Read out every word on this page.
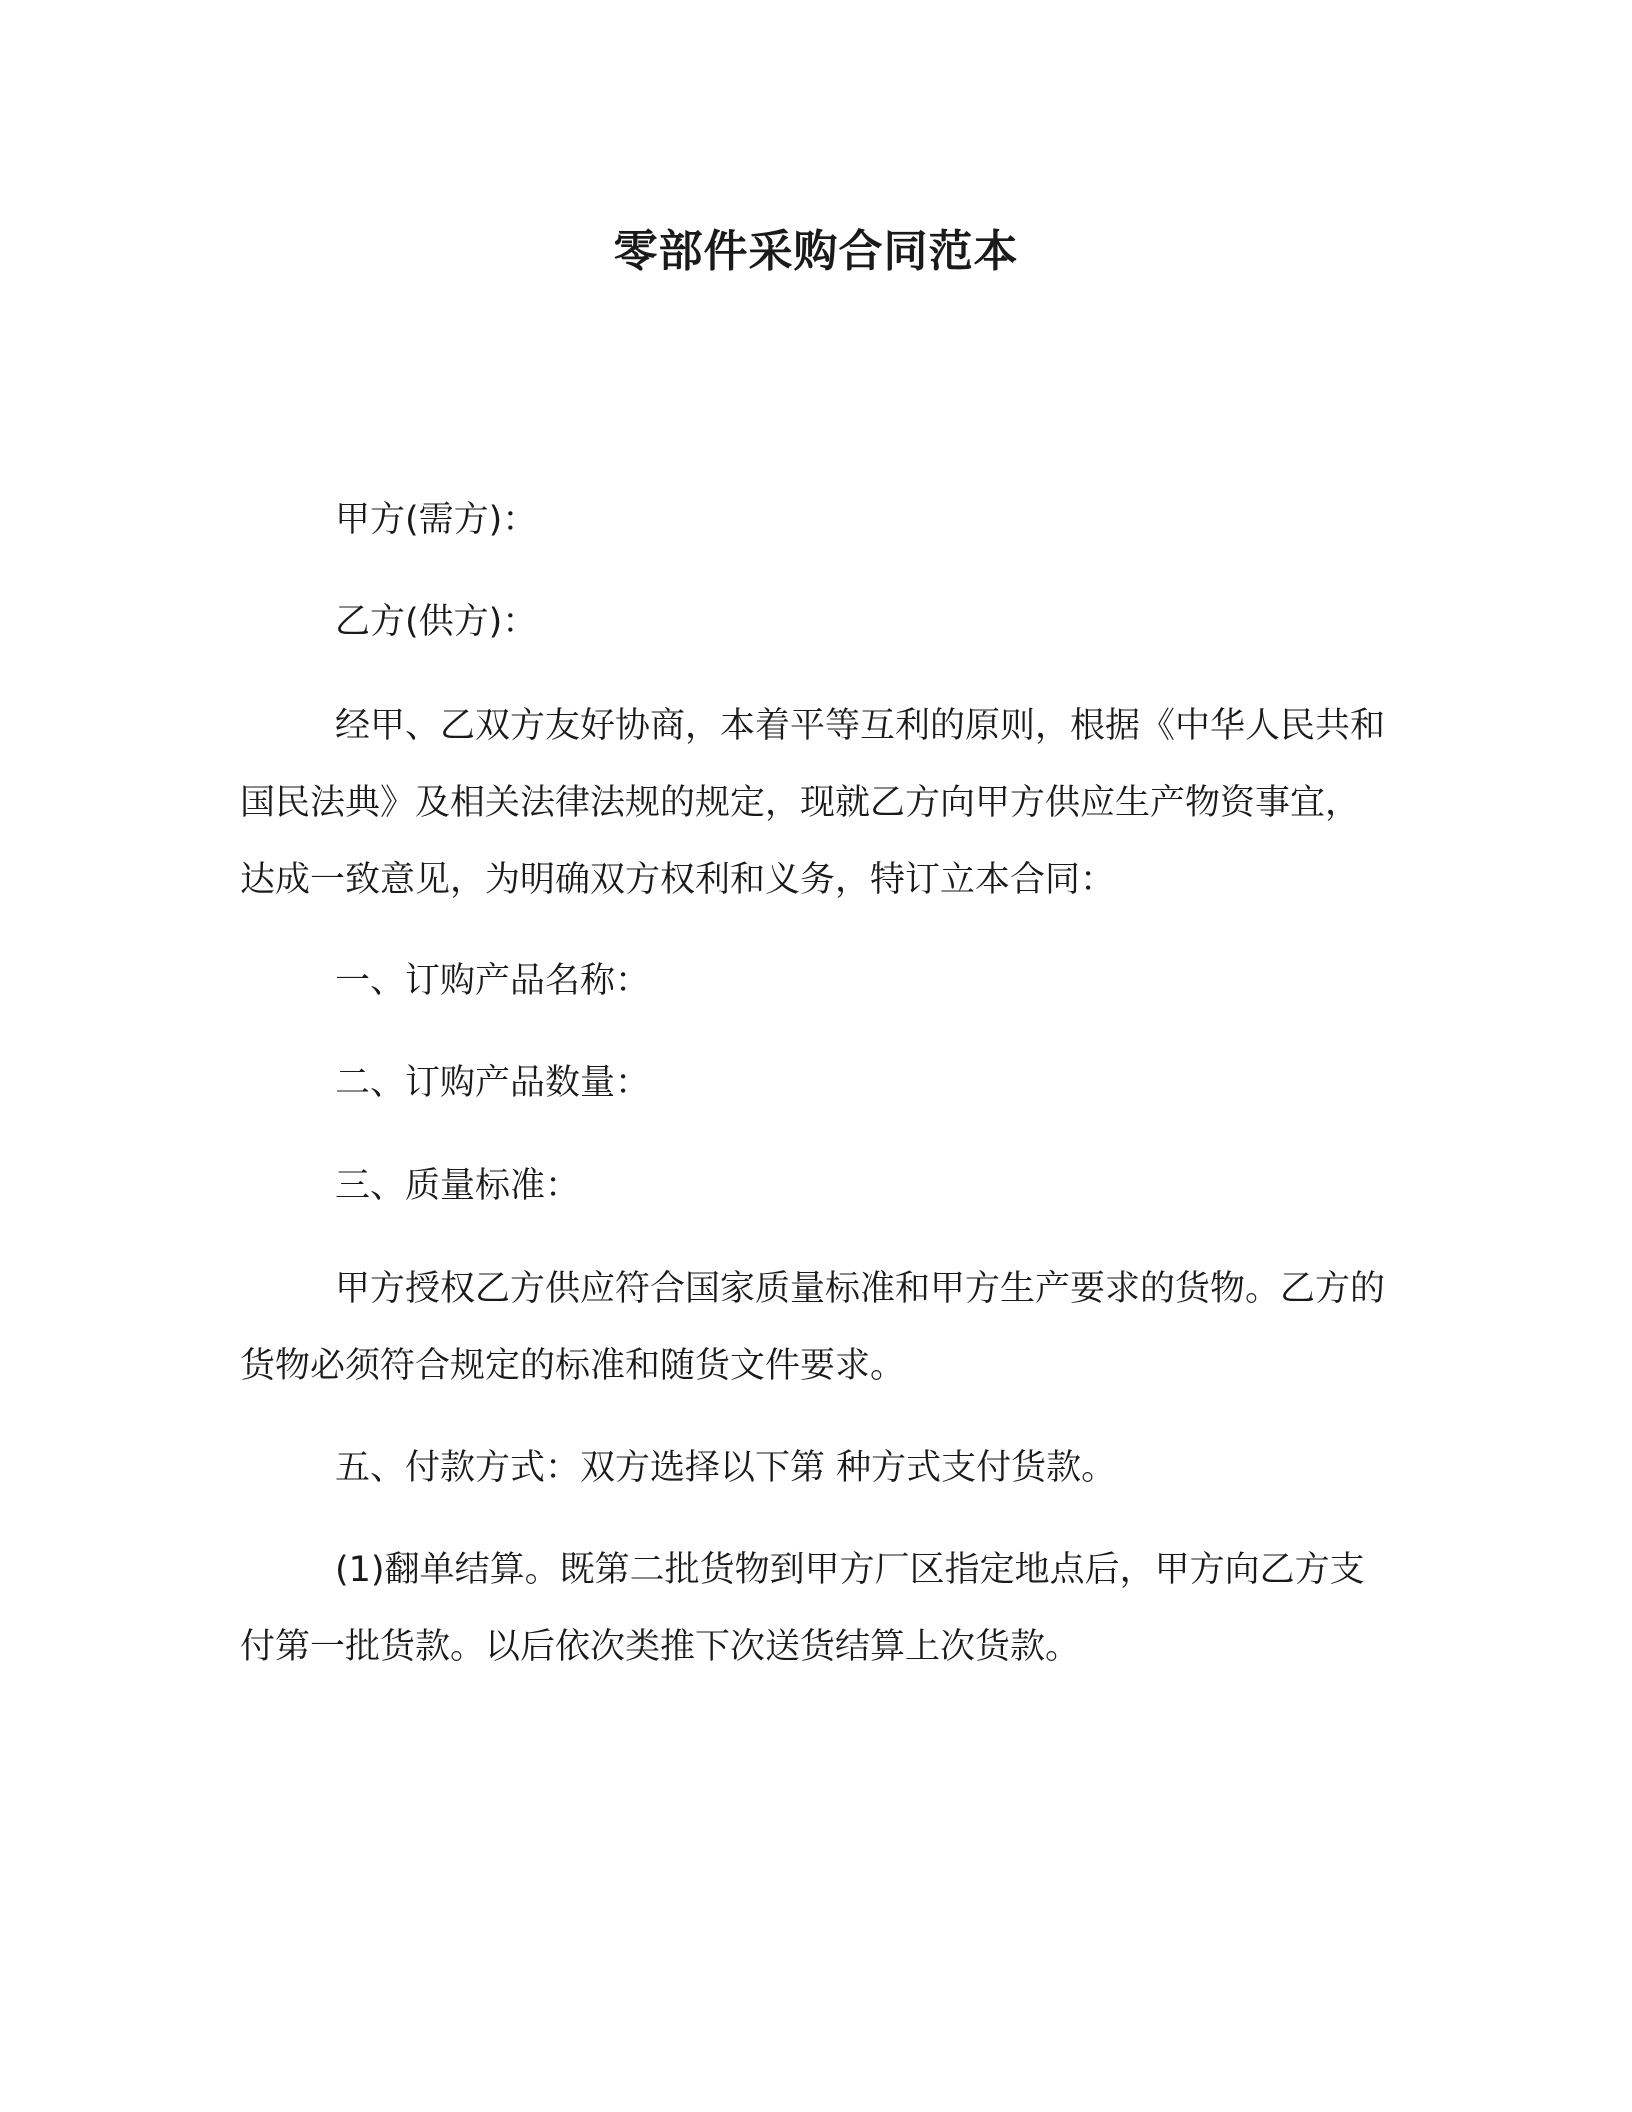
零部件采购合同范本

甲方(需方)：

乙方(供方)：

经甲、乙双方友好协商，本着平等互利的原则，根据《中华人民共和国民法典》及相关法律法规的规定，现就乙方向甲方供应生产物资事宜，达成一致意见，为明确双方权利和义务，特订立本合同：

一、订购产品名称：

二、订购产品数量：

三、质量标准：

甲方授权乙方供应符合国家质量标准和甲方生产要求的货物。乙方的货物必须符合规定的标准和随货文件要求。

五、付款方式：双方选择以下第 种方式支付货款。

(1)翻单结算。既第二批货物到甲方厂区指定地点后，甲方向乙方支付第一批货款。以后依次类推下次送货结算上次货款。
